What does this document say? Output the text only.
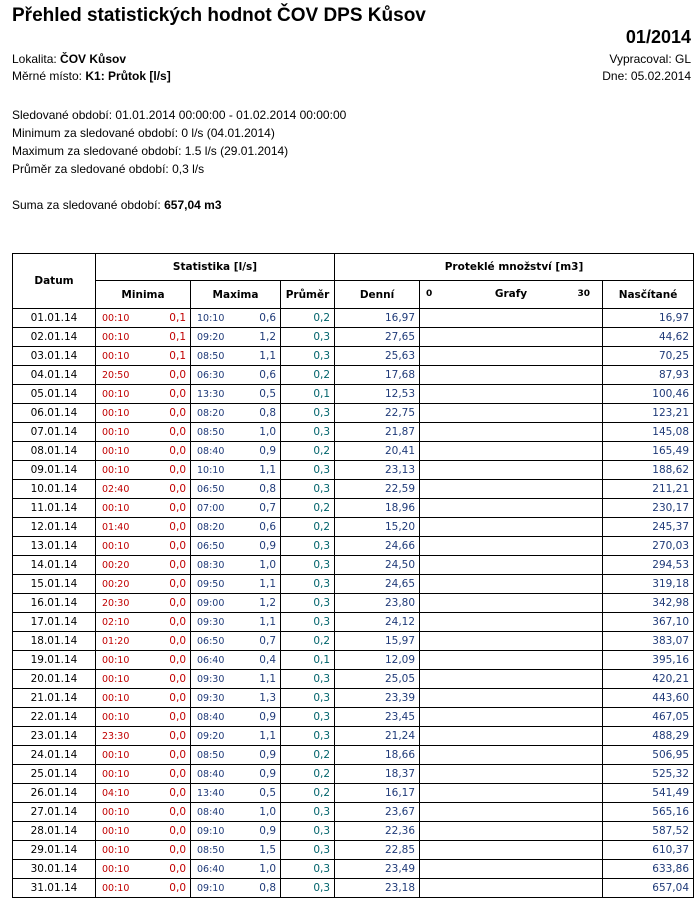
Přehled statistických hodnot ČOV DPS Kůsov
01/2014
Lokalita: ČOV Kůsov
Měrné místo: K1: Průtok [l/s]
Vypracoval: GL
Dne: 05.02.2014
Sledované období: 01.01.2014 00:00:00 - 01.02.2014 00:00:00
Minimum za sledované období: 0 l/s (04.01.2014)
Maximum za sledované období: 1.5 l/s (29.01.2014)
Průměr za sledované období: 0,3 l/s
Suma za sledované období: 657,04 m3
Datum	Statistika [l/s]					Proteklé množství [m3]		
	Minima		Maxima		Průměr	Denní	0 Grafy 30	Nasčítané
01.01.14	00:10	0,1	10:10	0,6	0,2	16,97		16,97
02.01.14	00:10	0,1	09:20	1,2	0,3	27,65		44,62
03.01.14	00:10	0,1	08:50	1,1	0,3	25,63		70,25
04.01.14	20:50	0,0	06:30	0,6	0,2	17,68		87,93
05.01.14	00:10	0,0	13:30	0,5	0,1	12,53		100,46
06.01.14	00:10	0,0	08:20	0,8	0,3	22,75		123,21
07.01.14	00:10	0,0	08:50	1,0	0,3	21,87		145,08
08.01.14	00:10	0,0	08:40	0,9	0,2	20,41		165,49
09.01.14	00:10	0,0	10:10	1,1	0,3	23,13		188,62
10.01.14	02:40	0,0	06:50	0,8	0,3	22,59		211,21
11.01.14	00:10	0,0	07:00	0,7	0,2	18,96		230,17
12.01.14	01:40	0,0	08:20	0,6	0,2	15,20		245,37
13.01.14	00:10	0,0	06:50	0,9	0,3	24,66		270,03
14.01.14	00:20	0,0	08:30	1,0	0,3	24,50		294,53
15.01.14	00:20	0,0	09:50	1,1	0,3	24,65		319,18
16.01.14	20:30	0,0	09:00	1,2	0,3	23,80		342,98
17.01.14	02:10	0,0	09:30	1,1	0,3	24,12		367,10
18.01.14	01:20	0,0	06:50	0,7	0,2	15,97		383,07
19.01.14	00:10	0,0	06:40	0,4	0,1	12,09		395,16
20.01.14	00:10	0,0	09:30	1,1	0,3	25,05		420,21
21.01.14	00:10	0,0	09:30	1,3	0,3	23,39		443,60
22.01.14	00:10	0,0	08:40	0,9	0,3	23,45		467,05
23.01.14	23:30	0,0	09:20	1,1	0,3	21,24		488,29
24.01.14	00:10	0,0	08:50	0,9	0,2	18,66		506,95
25.01.14	00:10	0,0	08:40	0,9	0,2	18,37		525,32
26.01.14	04:10	0,0	13:40	0,5	0,2	16,17		541,49
27.01.14	00:10	0,0	08:40	1,0	0,3	23,67		565,16
28.01.14	00:10	0,0	09:10	0,9	0,3	22,36		587,52
29.01.14	00:10	0,0	08:50	1,5	0,3	22,85		610,37
30.01.14	00:10	0,0	06:40	1,0	0,3	23,49		633,86
31.01.14	00:10	0,0	09:10	0,8	0,3	23,18		657,04
